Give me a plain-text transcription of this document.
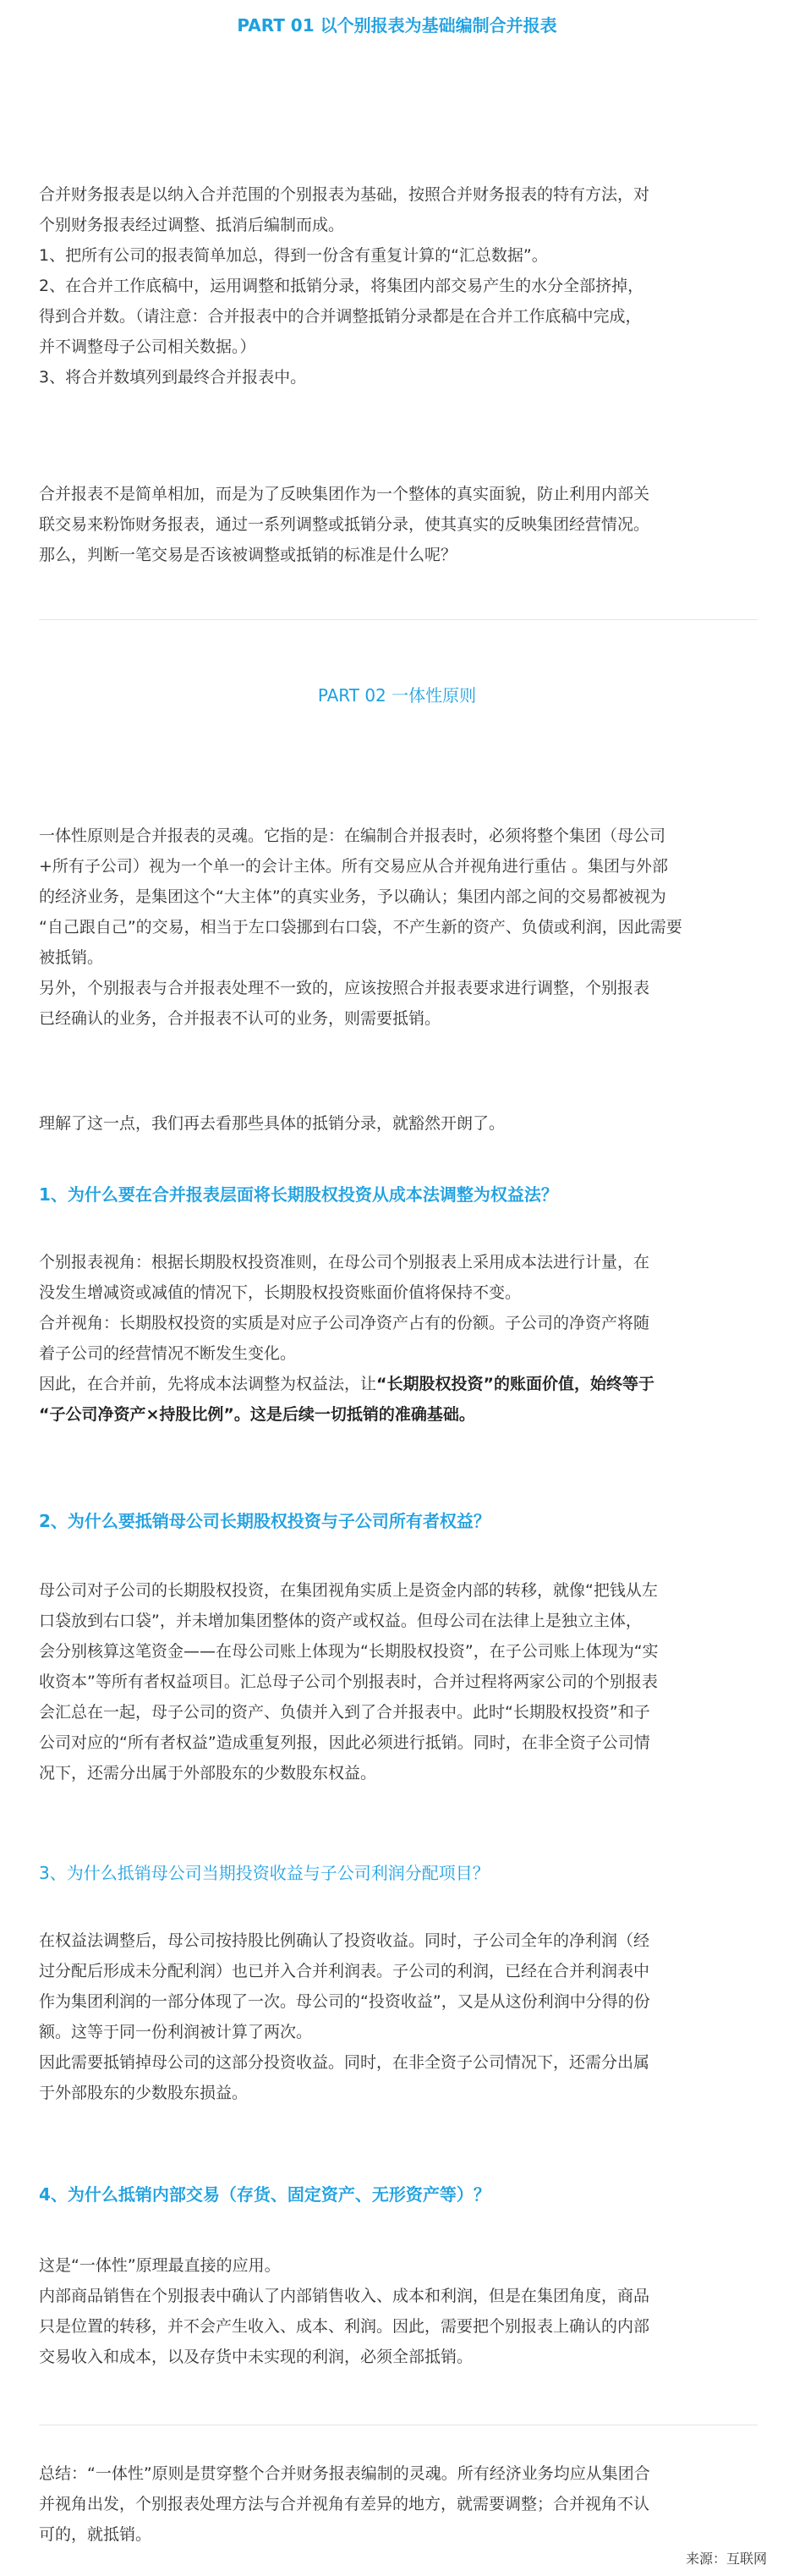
PART 01 以个别报表为基础编制合并报表

合并财务报表是以纳入合并范围的个别报表为基础，按照合并财务报表的特有方法，对

个别财务报表经过调整、抵消后编制而成。

1、把所有公司的报表简单加总，得到一份含有重复计算的“汇总数据”。

2、在合并工作底稿中，运用调整和抵销分录，将集团内部交易产生的水分全部挤掉，

得到合并数。（请注意：合并报表中的合并调整抵销分录都是在合并工作底稿中完成，

并不调整母子公司相关数据。）

3、将合并数填列到最终合并报表中。

合并报表不是简单相加，而是为了反映集团作为一个整体的真实面貌，防止利用内部关

联交易来粉饰财务报表，通过一系列调整或抵销分录，使其真实的反映集团经营情况。

那么，判断一笔交易是否该被调整或抵销的标准是什么呢？

PART 02 一体性原则

一体性原则是合并报表的灵魂。它指的是：在编制合并报表时，必须将整个集团（母公司

+所有子公司）视为一个单一的会计主体。所有交易应从合并视角进行重估 。集团与外部

的经济业务，是集团这个“大主体”的真实业务，予以确认；集团内部之间的交易都被视为

“自己跟自己”的交易，相当于左口袋挪到右口袋，不产生新的资产、负债或利润，因此需要

被抵销。

另外，个别报表与合并报表处理不一致的，应该按照合并报表要求进行调整，个别报表

已经确认的业务，合并报表不认可的业务，则需要抵销。

理解了这一点，我们再去看那些具体的抵销分录，就豁然开朗了。

1、为什么要在合并报表层面将长期股权投资从成本法调整为权益法？

个别报表视角：根据长期股权投资准则，在母公司个别报表上采用成本法进行计量，在

没发生增减资或减值的情况下，长期股权投资账面价值将保持不变。

合并视角：长期股权投资的实质是对应子公司净资产占有的份额。子公司的净资产将随

着子公司的经营情况不断发生变化。

因此，在合并前，先将成本法调整为权益法，让“长期股权投资”的账面价值，始终等于

“子公司净资产×持股比例”。这是后续一切抵销的准确基础。

2、为什么要抵销母公司长期股权投资与子公司所有者权益？

母公司对子公司的长期股权投资，在集团视角实质上是资金内部的转移，就像“把钱从左

口袋放到右口袋”，并未增加集团整体的资产或权益。但母公司在法律上是独立主体，

会分别核算这笔资金——在母公司账上体现为“长期股权投资”，在子公司账上体现为“实

收资本”等所有者权益项目。汇总母子公司个别报表时，合并过程将两家公司的个别报表

会汇总在一起，母子公司的资产、负债并入到了合并报表中。此时“长期股权投资”和子

公司对应的“所有者权益”造成重复列报，因此必须进行抵销。同时，在非全资子公司情

况下，还需分出属于外部股东的少数股东权益。

3、为什么抵销母公司当期投资收益与子公司利润分配项目？

在权益法调整后，母公司按持股比例确认了投资收益。同时，子公司全年的净利润（经

过分配后形成未分配利润）也已并入合并利润表。子公司的利润，已经在合并利润表中

作为集团利润的一部分体现了一次。母公司的“投资收益”，又是从这份利润中分得的份

额。这等于同一份利润被计算了两次。

因此需要抵销掉母公司的这部分投资收益。同时，在非全资子公司情况下，还需分出属

于外部股东的少数股东损益。

4、为什么抵销内部交易（存货、固定资产、无形资产等）？

这是“一体性”原理最直接的应用。

内部商品销售在个别报表中确认了内部销售收入、成本和利润，但是在集团角度，商品

只是位置的转移，并不会产生收入、成本、利润。因此，需要把个别报表上确认的内部

交易收入和成本，以及存货中未实现的利润，必须全部抵销。

总结：“一体性”原则是贯穿整个合并财务报表编制的灵魂。所有经济业务均应从集团合

并视角出发，个别报表处理方法与合并视角有差异的地方，就需要调整；合并视角不认

可的，就抵销。

来源：互联网
